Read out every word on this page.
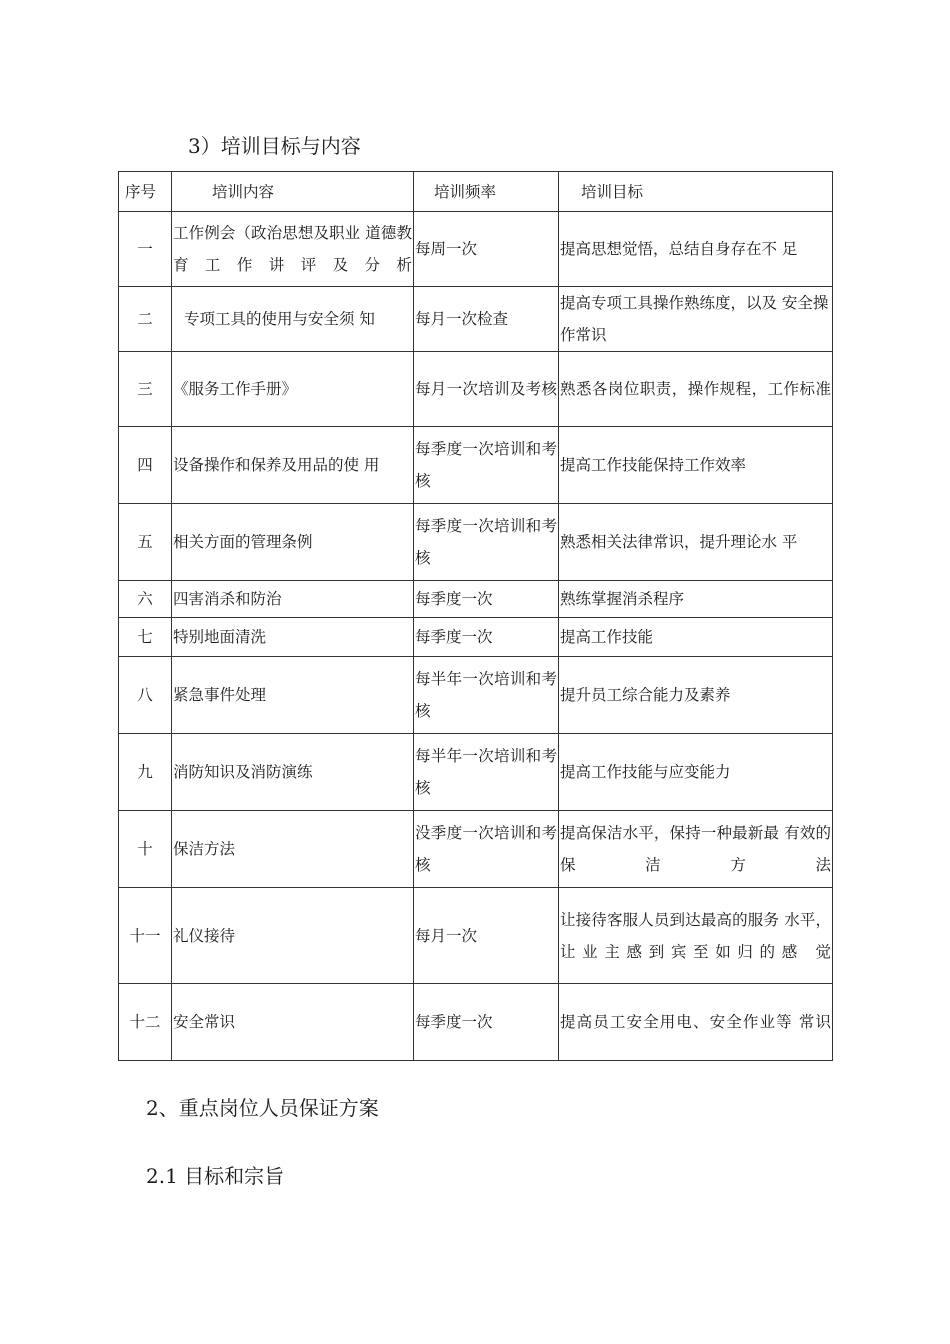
3）培训目标与内容
序号	培训内容	培训频率	培训目标
一	工作例会（政治思想及职业 道德教育工作讲评及分析	每周一次	提高思想觉悟，总结自身存在不 足
二	专项工具的使用与安全须 知	每月一次检查	提高专项工具操作熟练度，以及 安全操作常识
三	《服务工作手册》	每月一次培训及考核	熟悉各岗位职责，操作规程，工作标准
四	设备操作和保养及用品的使 用	每季度一次培训和考核	提高工作技能保持工作效率
五	相关方面的管理条例	每季度一次培训和考核	熟悉相关法律常识，提升理论水 平
六	四害消杀和防治	每季度一次	熟练掌握消杀程序
七	特别地面清洗	每季度一次	提高工作技能
八	紧急事件处理	每半年一次培训和考核	提升员工综合能力及素养
九	消防知识及消防演练	每半年一次培训和考核	提高工作技能与应变能力
十	保洁方法	没季度一次培训和考核	提高保洁水平，保持一种最新最 有效的保洁方法
十一	礼仪接待	每月一次	让接待客服人员到达最高的服务 水平，让业主感到宾至如归的感 觉
十二	安全常识	每季度一次	提高员工安全用电、安全作业等 常识
2、重点岗位人员保证方案
2.1 目标和宗旨
